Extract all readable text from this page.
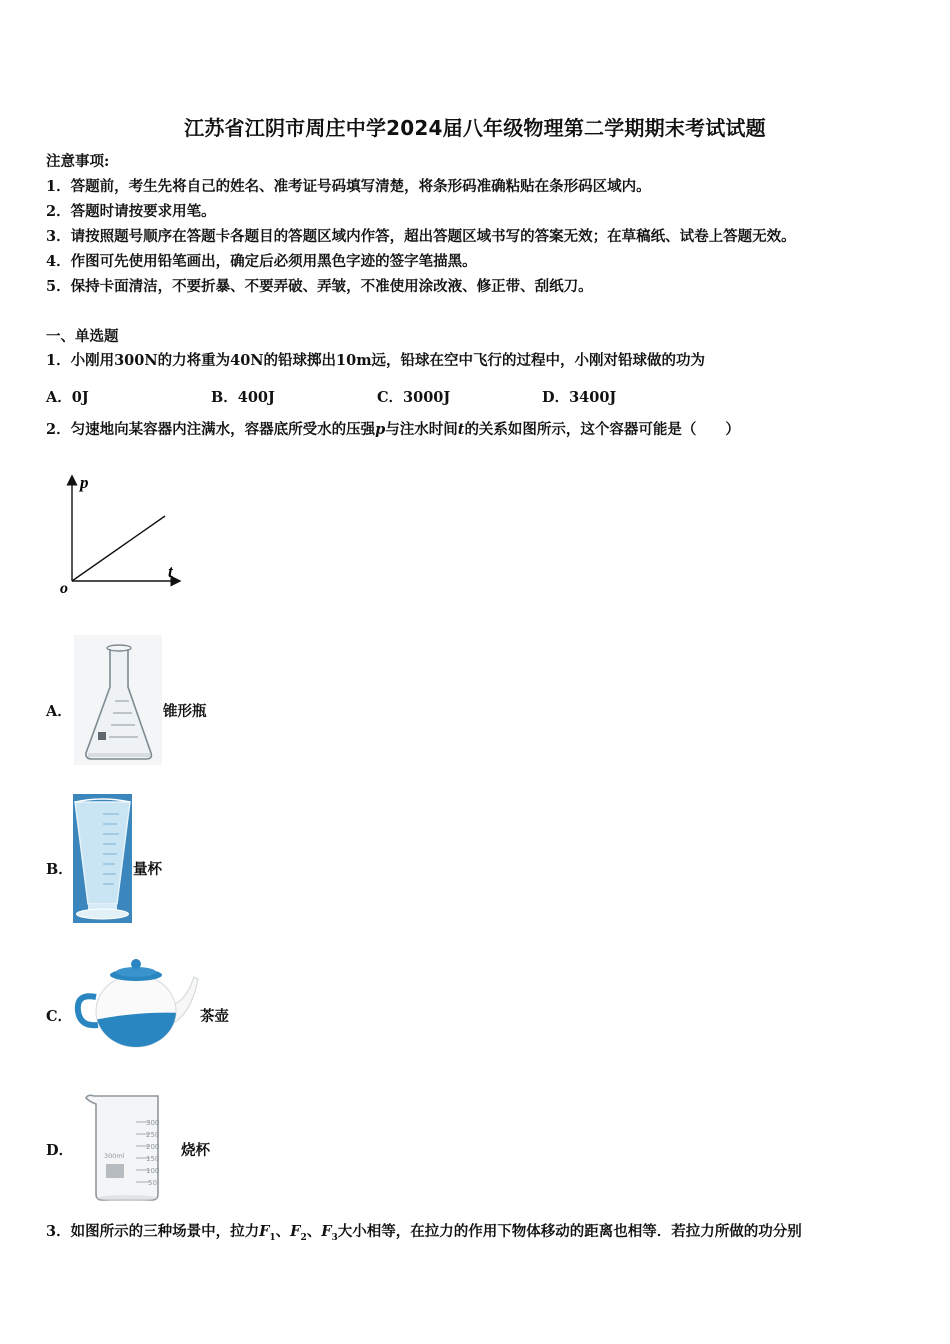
江苏省江阴市周庄中学2024届八年级物理第二学期期末考试试题
注意事项:
1．答题前，考生先将自己的姓名、准考证号码填写清楚，将条形码准确粘贴在条形码区域内。
2．答题时请按要求用笔。
3．请按照题号顺序在答题卡各题目的答题区域内作答，超出答题区域书写的答案无效；在草稿纸、试卷上答题无效。
4．作图可先使用铅笔画出，确定后必须用黑色字迹的签字笔描黑。
5．保持卡面清洁，不要折暴、不要弄破、弄皱，不准使用涂改液、修正带、刮纸刀。
一、单选题
1．小刚用300N的力将重为40N的铅球掷出10m远，铅球在空中飞行的过程中，小刚对铅球做的功为
A．0J	B．400J	C．3000J	D．3400J
2．匀速地向某容器内注满水，容器底所受水的压强p与注水时间t的关系如图所示，这个容器可能是（　　）
p
t
o
A．	锥形瓶
B．	量杯
C．	茶壶
D．
300
250
200
150
100
50
300ml	烧杯
3．如图所示的三种场景中，拉力$F_1$、$F_2$、$F_3$大小相等，在拉力的作用下物体移动的距离也相等．若拉力所做的功分别
